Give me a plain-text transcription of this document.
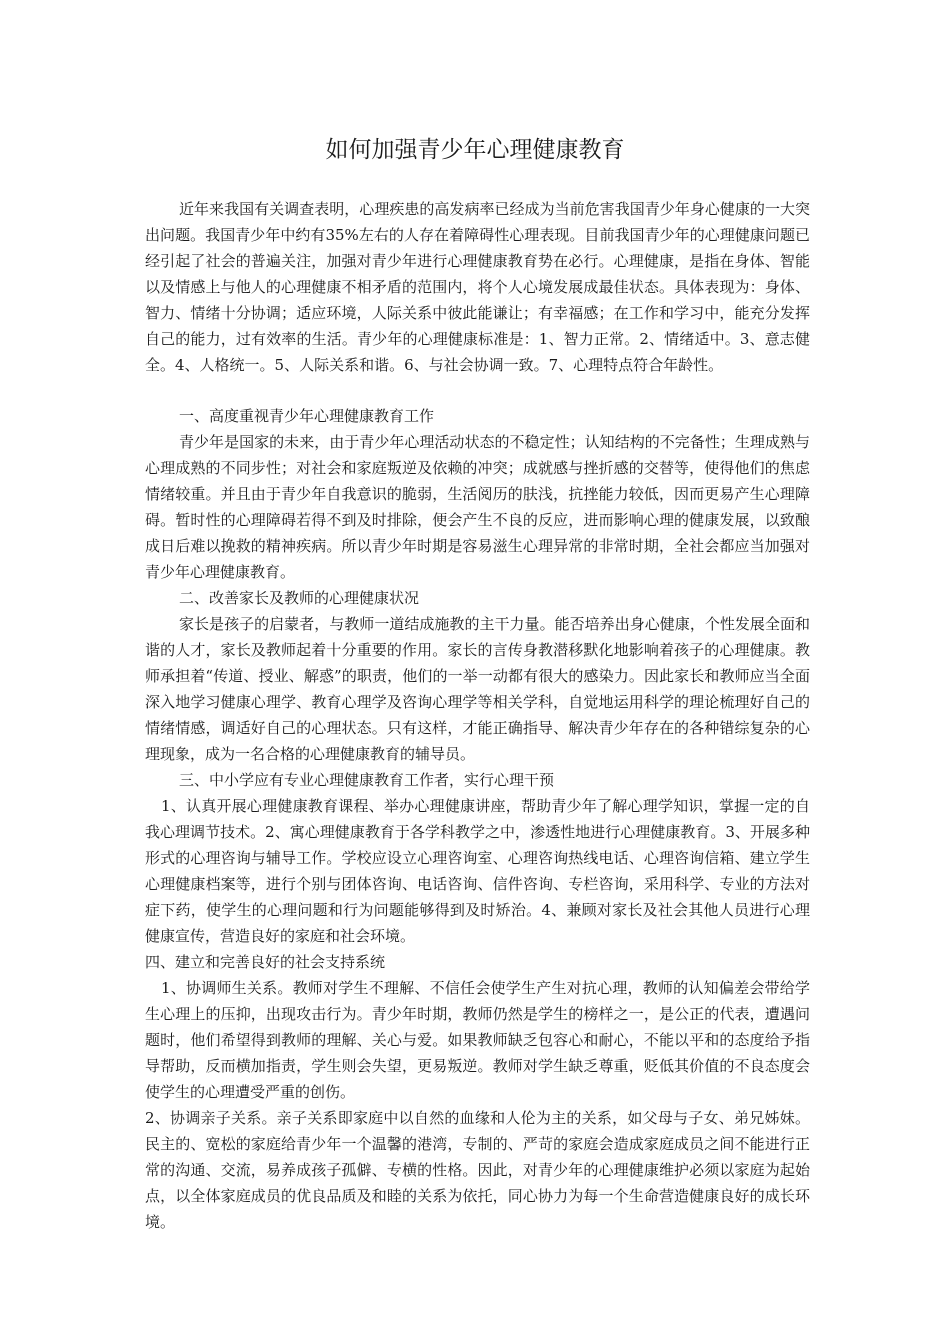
如何加强青少年心理健康教育

近年来我国有关调查表明，心理疾患的高发病率已经成为当前危害我国青少年身心健康的一大突出问题。我国青少年中约有35%左右的人存在着障碍性心理表现。目前我国青少年的心理健康问题已经引起了社会的普遍关注，加强对青少年进行心理健康教育势在必行。心理健康，是指在身体、智能以及情感上与他人的心理健康不相矛盾的范围内，将个人心境发展成最佳状态。具体表现为：身体、智力、情绪十分协调；适应环境，人际关系中彼此能谦让；有幸福感；在工作和学习中，能充分发挥自己的能力，过有效率的生活。青少年的心理健康标准是：1、智力正常。2、情绪适中。3、意志健全。4、人格统一。5、人际关系和谐。6、与社会协调一致。7、心理特点符合年龄性。

一、高度重视青少年心理健康教育工作

青少年是国家的未来，由于青少年心理活动状态的不稳定性；认知结构的不完备性；生理成熟与心理成熟的不同步性；对社会和家庭叛逆及依赖的冲突；成就感与挫折感的交替等，使得他们的焦虑情绪较重。并且由于青少年自我意识的脆弱，生活阅历的肤浅，抗挫能力较低，因而更易产生心理障碍。暂时性的心理障碍若得不到及时排除，便会产生不良的反应，进而影响心理的健康发展，以致酿成日后难以挽救的精神疾病。所以青少年时期是容易滋生心理异常的非常时期，全社会都应当加强对青少年心理健康教育。

二、改善家长及教师的心理健康状况

家长是孩子的启蒙者，与教师一道结成施教的主干力量。能否培养出身心健康，个性发展全面和谐的人才，家长及教师起着十分重要的作用。家长的言传身教潜移默化地影响着孩子的心理健康。教师承担着“传道、授业、解惑”的职责，他们的一举一动都有很大的感染力。因此家长和教师应当全面深入地学习健康心理学、教育心理学及咨询心理学等相关学科，自觉地运用科学的理论梳理好自己的情绪情感，调适好自己的心理状态。只有这样，才能正确指导、解决青少年存在的各种错综复杂的心理现象，成为一名合格的心理健康教育的辅导员。

三、中小学应有专业心理健康教育工作者，实行心理干预

1、认真开展心理健康教育课程、举办心理健康讲座，帮助青少年了解心理学知识，掌握一定的自我心理调节技术。2、寓心理健康教育于各学科教学之中，渗透性地进行心理健康教育。3、开展多种形式的心理咨询与辅导工作。学校应设立心理咨询室、心理咨询热线电话、心理咨询信箱、建立学生心理健康档案等，进行个别与团体咨询、电话咨询、信件咨询、专栏咨询，采用科学、专业的方法对症下药，使学生的心理问题和行为问题能够得到及时矫治。4、兼顾对家长及社会其他人员进行心理健康宣传，营造良好的家庭和社会环境。

四、建立和完善良好的社会支持系统

1、协调师生关系。教师对学生不理解、不信任会使学生产生对抗心理，教师的认知偏差会带给学生心理上的压抑，出现攻击行为。青少年时期，教师仍然是学生的榜样之一，是公正的代表，遭遇问题时，他们希望得到教师的理解、关心与爱。如果教师缺乏包容心和耐心，不能以平和的态度给予指导帮助，反而横加指责，学生则会失望，更易叛逆。教师对学生缺乏尊重，贬低其价值的不良态度会使学生的心理遭受严重的创伤。

2、协调亲子关系。亲子关系即家庭中以自然的血缘和人伦为主的关系，如父母与子女、弟兄姊妹。民主的、宽松的家庭给青少年一个温馨的港湾，专制的、严苛的家庭会造成家庭成员之间不能进行正常的沟通、交流，易养成孩子孤僻、专横的性格。因此，对青少年的心理健康维护必须以家庭为起始点，以全体家庭成员的优良品质及和睦的关系为依托，同心协力为每一个生命营造健康良好的成长环境。
